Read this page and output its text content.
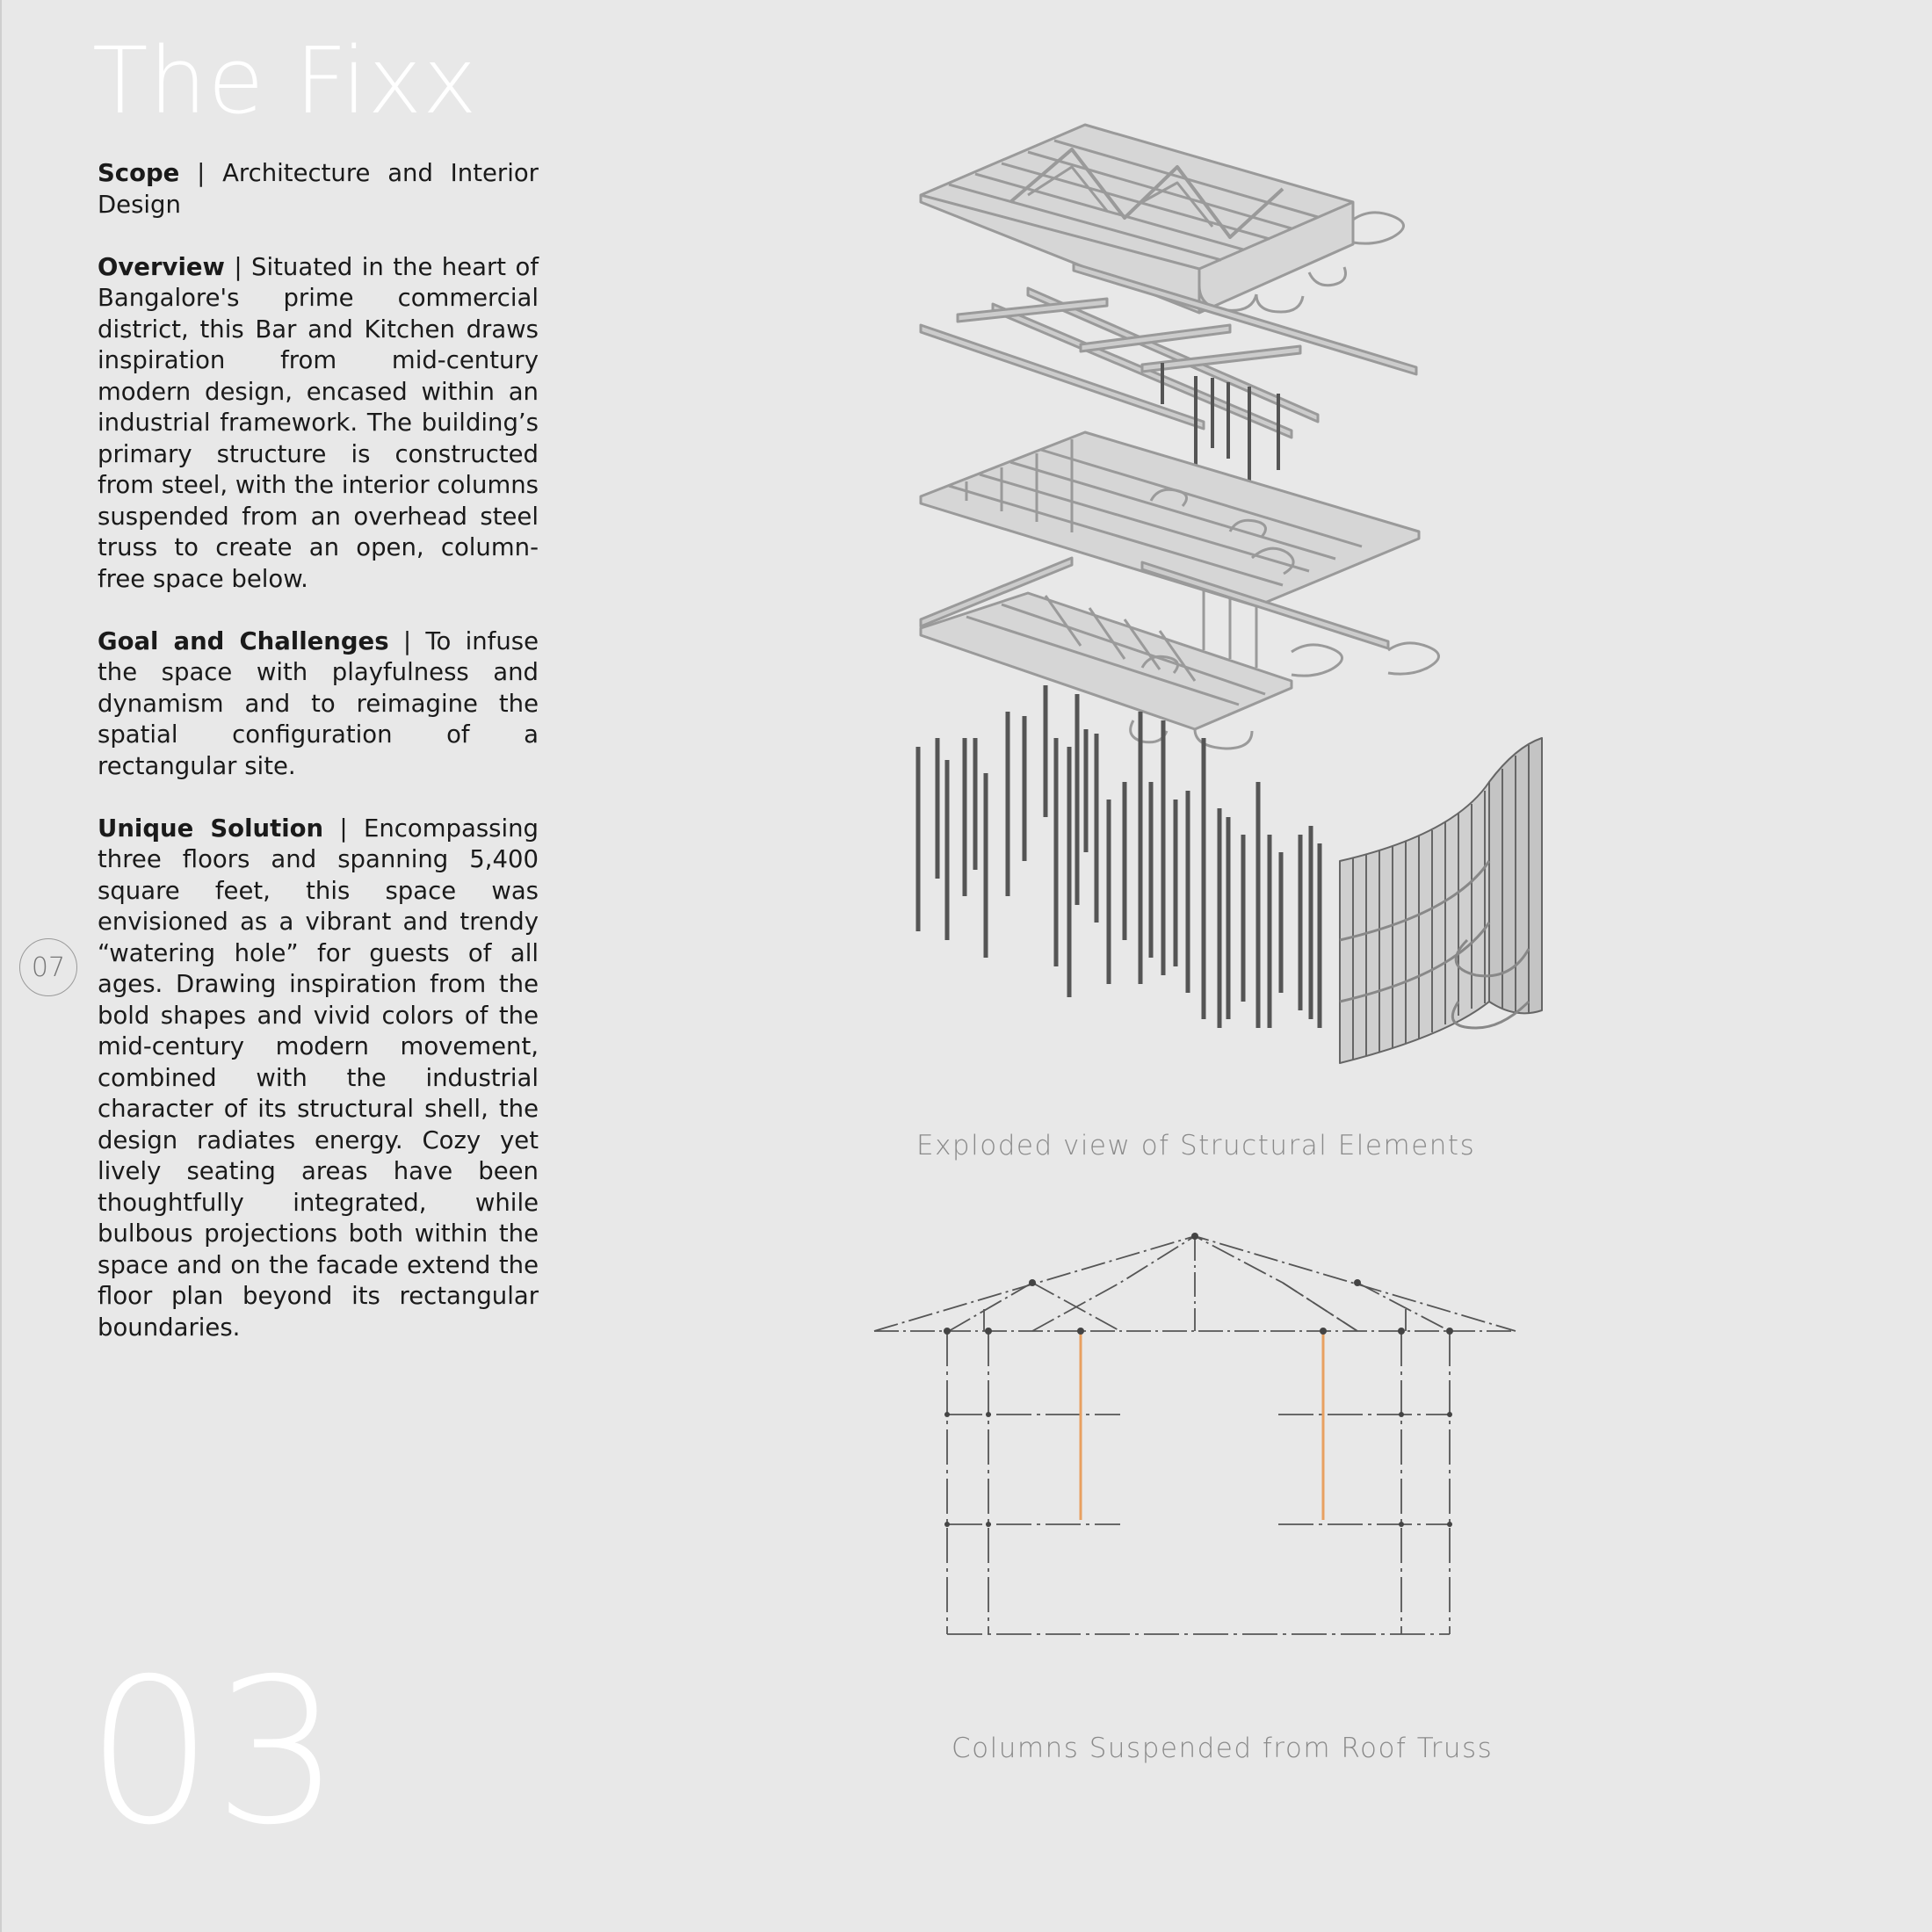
The Fixx

Scope | Architecture and Interior Design

Overview | Situated in the heart of Bangalore's prime commercial district, this Bar and Kitchen draws inspiration from mid-century modern design, encased within an industrial framework. The building’s primary structure is constructed from steel, with the interior columns suspended from an overhead steel truss to create an open, column-free space below.

Goal and Challenges | To infuse the space with playfulness and dynamism and to reimagine the spatial configuration of a rectangular site.

Unique Solution | Encompassing three floors and spanning 5,400 square feet, this space was envisioned as a vibrant and trendy “watering hole” for guests of all ages. Drawing inspiration from the bold shapes and vivid colors of the mid-century modern movement, combined with the industrial character of its structural shell, the design radiates energy. Cozy yet lively seating areas have been thoughtfully integrated, while bulbous projections both within the space and on the facade extend the floor plan beyond its rectangular boundaries.

07
03
Exploded view of Structural Elements
Columns Suspended from Roof Truss
